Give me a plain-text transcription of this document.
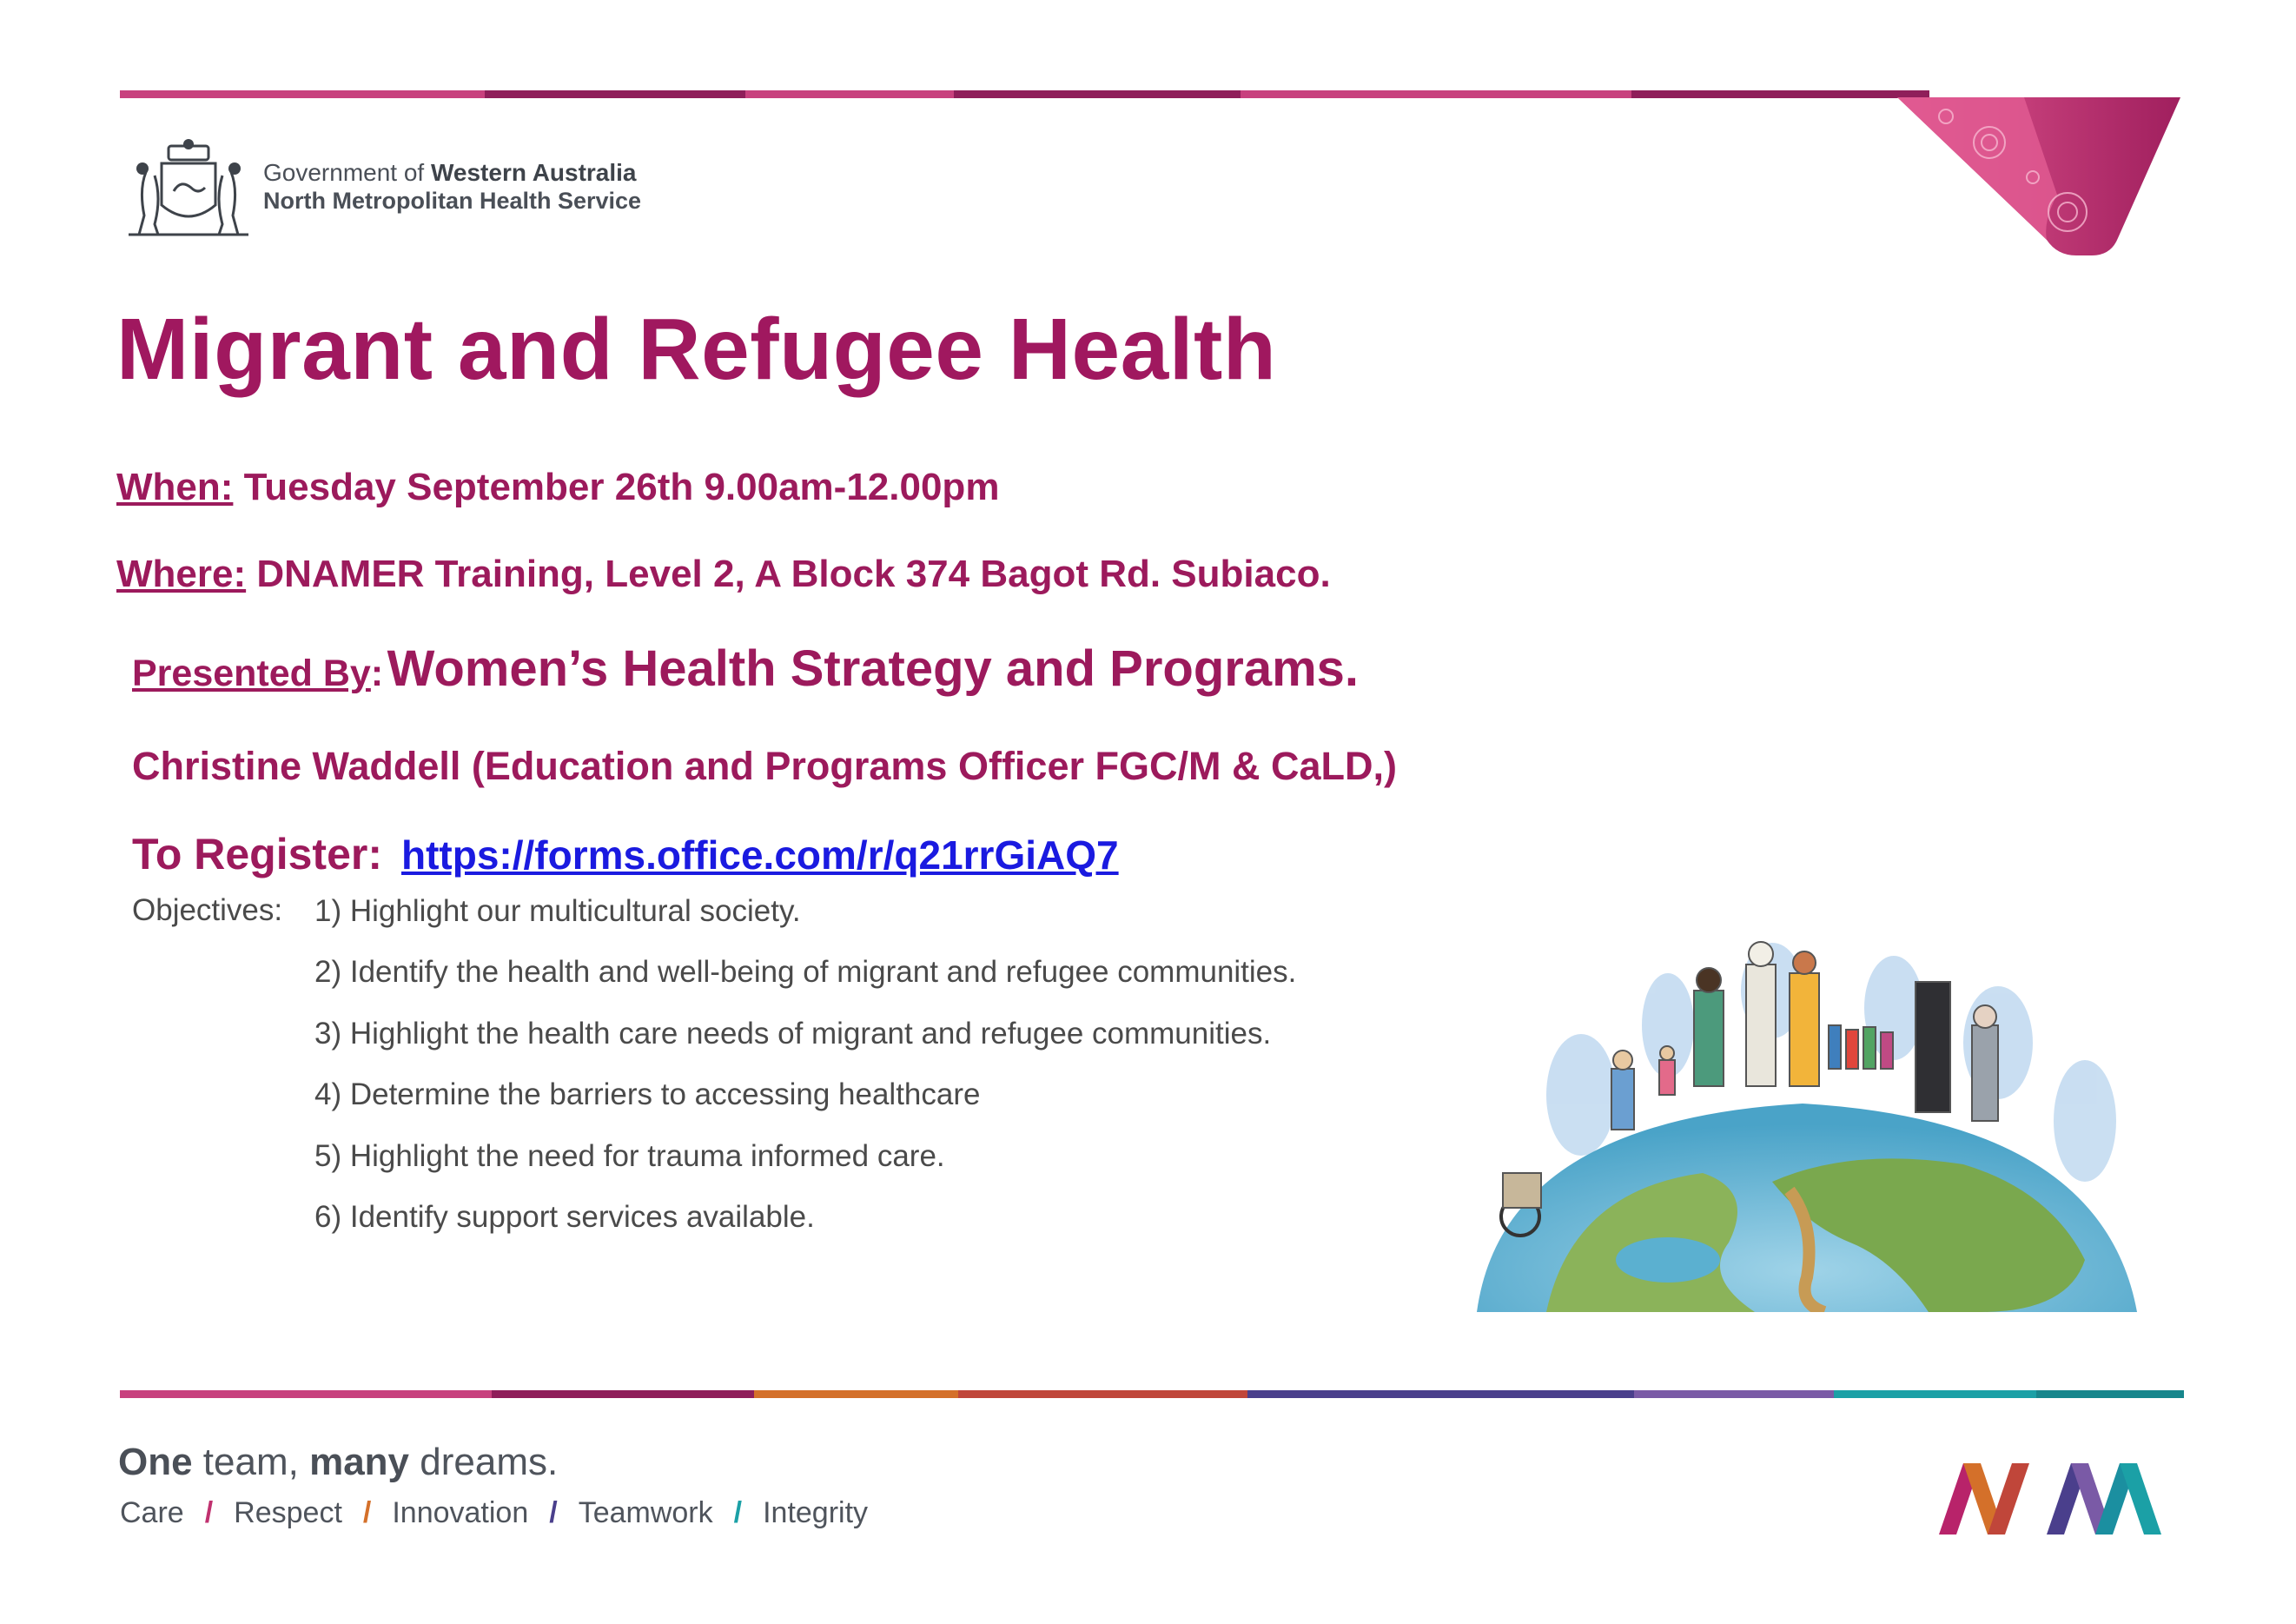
Government of Western Australia
North Metropolitan Health Service
Migrant and Refugee Health
When: Tuesday September 26th 9.00am-12.00pm
Where: DNAMER Training, Level 2, A Block 374 Bagot Rd. Subiaco.
Presented By: Women’s Health Strategy and Programs.
Christine Waddell (Education and Programs Officer FGC/M & CaLD,)
To Register: https://forms.office.com/r/q21rrGiAQ7
Objectives: 1) Highlight our multicultural society.
2) Identify the health and well-being of migrant and refugee communities.
3) Highlight the health care needs of migrant and refugee communities.
4) Determine the barriers to accessing healthcare
5) Highlight the need for trauma informed care.
6) Identify support services available.
One team, many dreams.
Care / Respect / Innovation / Teamwork / Integrity
